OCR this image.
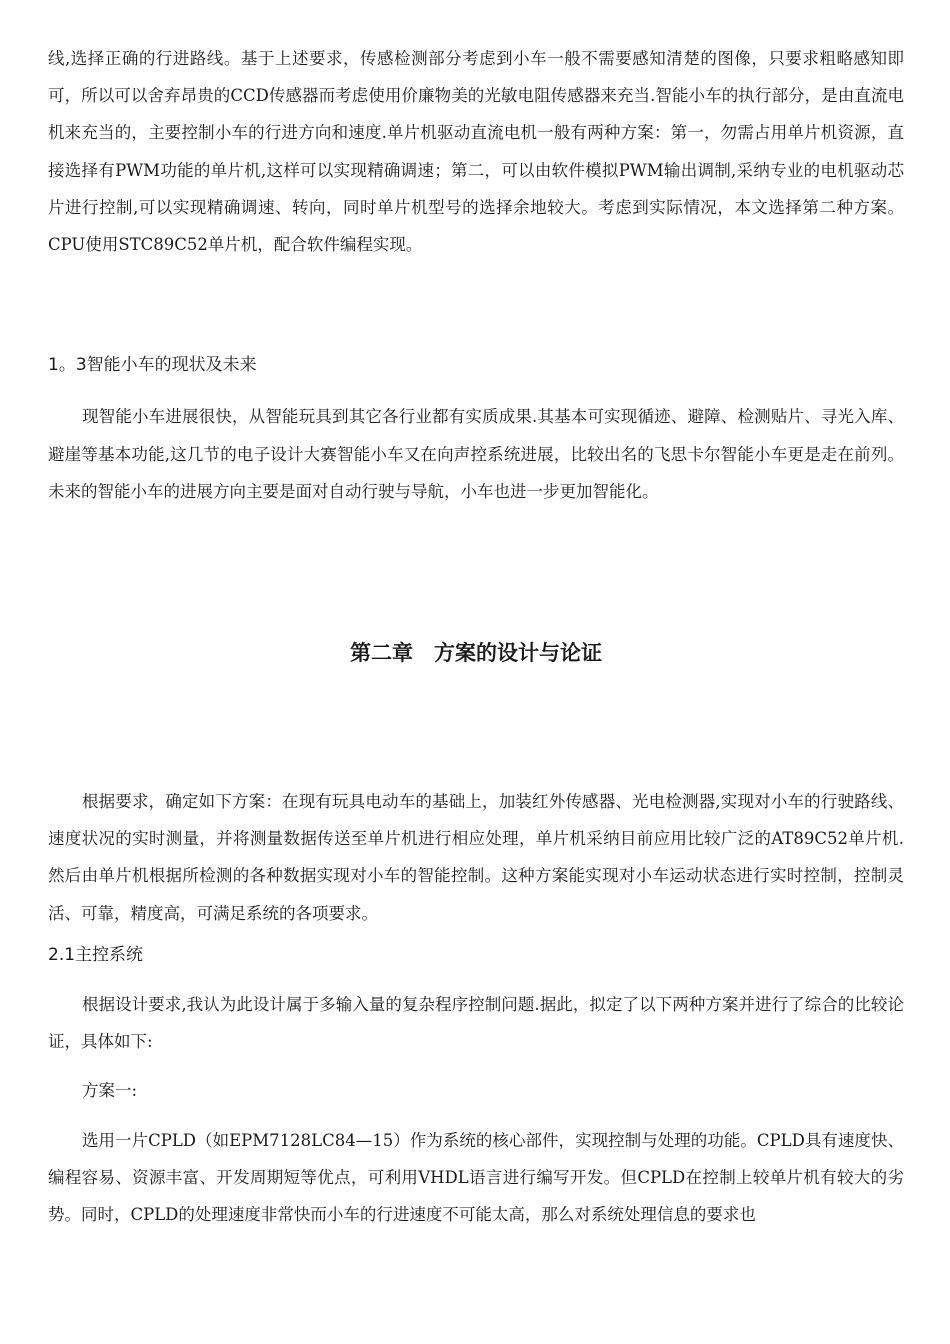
线,选择正确的行进路线。基于上述要求，传感检测部分考虑到小车一般不需要感知清楚的图像，只要求粗略感知即可，所以可以舍弃昂贵的CCD传感器而考虑使用价廉物美的光敏电阻传感器来充当.智能小车的执行部分，是由直流电机来充当的，主要控制小车的行进方向和速度.单片机驱动直流电机一般有两种方案：第一，勿需占用单片机资源，直接选择有PWM功能的单片机,这样可以实现精确调速；第二，可以由软件模拟PWM输出调制,采纳专业的电机驱动芯片进行控制,可以实现精确调速、转向，同时单片机型号的选择余地较大。考虑到实际情况，本文选择第二种方案。CPU使用STC89C52单片机，配合软件编程实现。

1。3智能小车的现状及未来

现智能小车进展很快，从智能玩具到其它各行业都有实质成果.其基本可实现循迹、避障、检测贴片、寻光入库、避崖等基本功能,这几节的电子设计大赛智能小车又在向声控系统进展，比较出名的飞思卡尔智能小车更是走在前列。未来的智能小车的进展方向主要是面对自动行驶与导航，小车也进一步更加智能化。

第二章　方案的设计与论证

根据要求，确定如下方案：在现有玩具电动车的基础上，加装红外传感器、光电检测器,实现对小车的行驶路线、速度状况的实时测量，并将测量数据传送至单片机进行相应处理，单片机采纳目前应用比较广泛的AT89C52单片机.然后由单片机根据所检测的各种数据实现对小车的智能控制。这种方案能实现对小车运动状态进行实时控制，控制灵活、可靠，精度高，可满足系统的各项要求。

2.1主控系统

根据设计要求,我认为此设计属于多输入量的复杂程序控制问题.据此，拟定了以下两种方案并进行了综合的比较论证，具体如下:

方案一:

选用一片CPLD（如EPM7128LC84—15）作为系统的核心部件，实现控制与处理的功能。CPLD具有速度快、编程容易、资源丰富、开发周期短等优点，可利用VHDL语言进行编写开发。但CPLD在控制上较单片机有较大的劣势。同时，CPLD的处理速度非常快而小车的行进速度不可能太高，那么对系统处理信息的要求也
